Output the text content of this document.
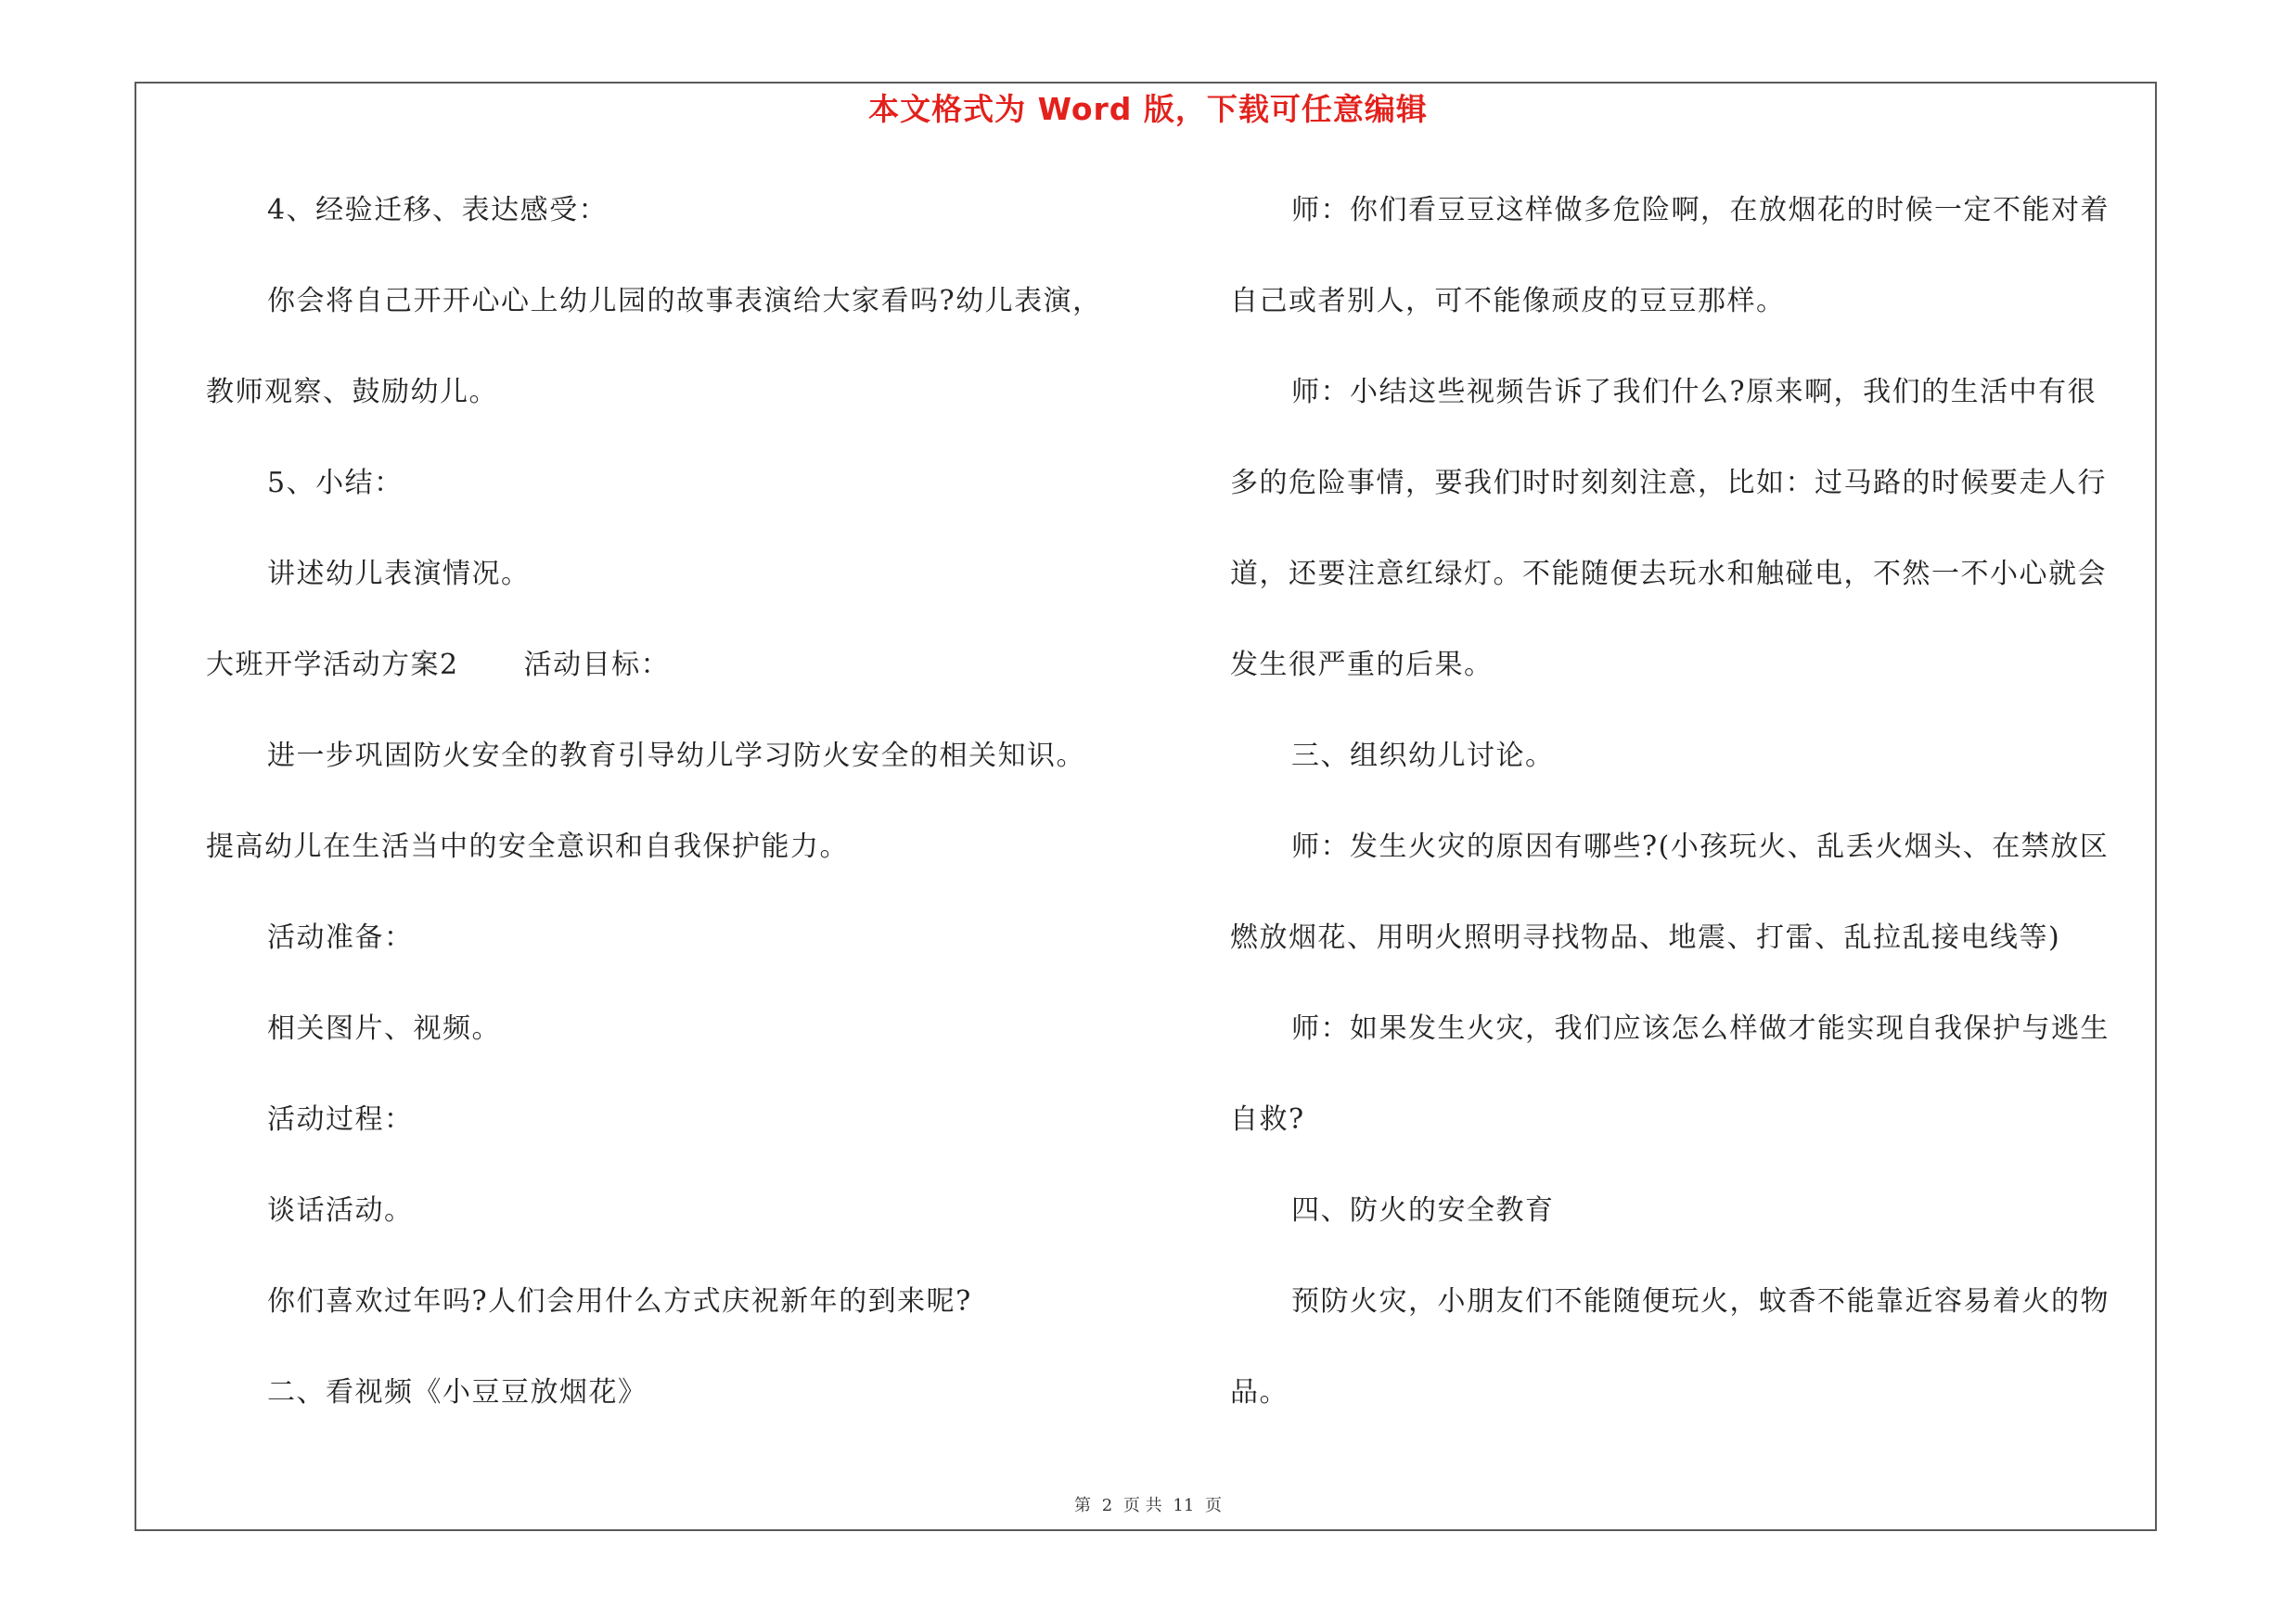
本文格式为 Word 版，下载可任意编辑
4、经验迁移、表达感受：
你会将自己开开心心上幼儿园的故事表演给大家看吗?幼儿表演，
教师观察、鼓励幼儿。
5、小结：
讲述幼儿表演情况。
大班开学活动方案2 活动目标：
进一步巩固防火安全的教育引导幼儿学习防火安全的相关知识。
提高幼儿在生活当中的安全意识和自我保护能力。
活动准备：
相关图片、视频。
活动过程：
谈话活动。
你们喜欢过年吗?人们会用什么方式庆祝新年的到来呢?
二、看视频《小豆豆放烟花》
师：你们看豆豆这样做多危险啊，在放烟花的时候一定不能对着
自己或者别人，可不能像顽皮的豆豆那样。
师：小结这些视频告诉了我们什么?原来啊，我们的生活中有很
多的危险事情，要我们时时刻刻注意，比如：过马路的时候要走人行
道，还要注意红绿灯。不能随便去玩水和触碰电，不然一不小心就会
发生很严重的后果。
三、组织幼儿讨论。
师：发生火灾的原因有哪些?(小孩玩火、乱丢火烟头、在禁放区
燃放烟花、用明火照明寻找物品、地震、打雷、乱拉乱接电线等)
师：如果发生火灾，我们应该怎么样做才能实现自我保护与逃生
自救?
四、防火的安全教育
预防火灾，小朋友们不能随便玩火，蚊香不能靠近容易着火的物
品。
第 2 页 共 11 页
